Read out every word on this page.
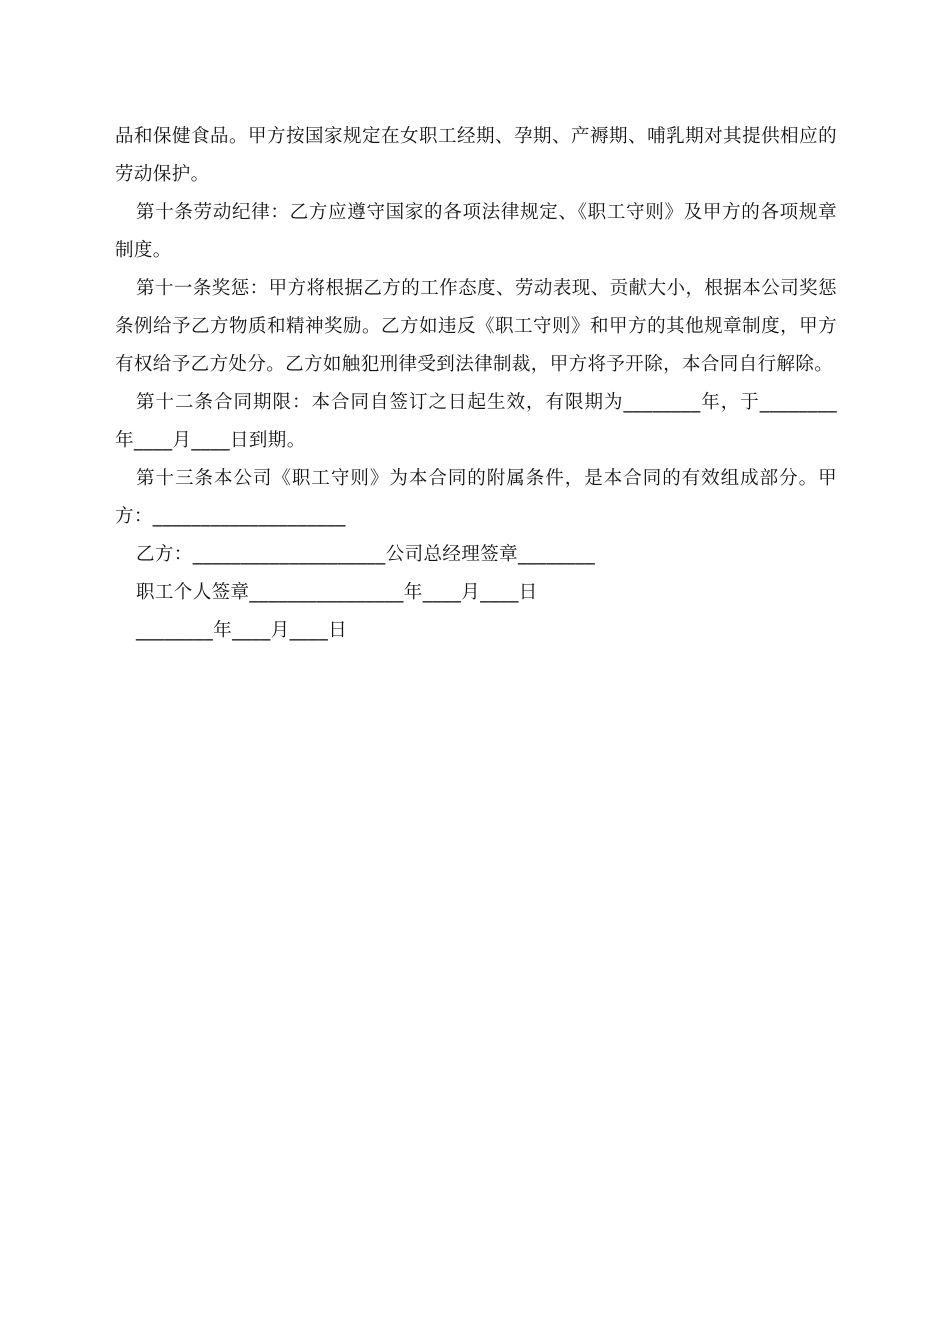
品和保健食品。甲方按国家规定在女职工经期、孕期、产褥期、哺乳期对其提供相应的劳动保护。

第十条劳动纪律：乙方应遵守国家的各项法律规定、《职工守则》及甲方的各项规章制度。

第十一条奖惩：甲方将根据乙方的工作态度、劳动表现、贡献大小，根据本公司奖惩条例给予乙方物质和精神奖励。乙方如违反《职工守则》和甲方的其他规章制度，甲方有权给予乙方处分。乙方如触犯刑律受到法律制裁，甲方将予开除，本合同自行解除。

第十二条合同期限：本合同自签订之日起生效，有限期为________年，于________年____月____日到期。

第十三条本公司《职工守则》为本合同的附属条件，是本合同的有效组成部分。甲方：____________________

乙方：____________________公司总经理签章________

职工个人签章________________年____月____日

________年____月____日
